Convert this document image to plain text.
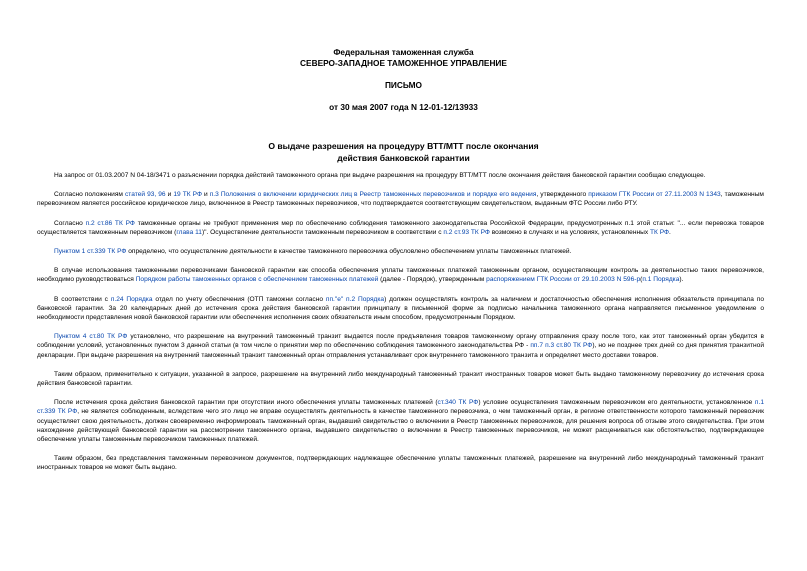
Федеральная таможенная служба
СЕВЕРО-ЗАПАДНОЕ ТАМОЖЕННОЕ УПРАВЛЕНИЕ
ПИСЬМО
от 30 мая 2007 года N 12-01-12/13933
О выдаче разрешения на процедуру ВТТ/МТТ после окончания
действия банковской гарантии

На запрос от 01.03.2007 N 04-18/3471 о разъяснении порядка действий таможенного органа при выдаче разрешения на процедуру ВТТ/МТТ после окончания действия банковской гарантии сообщаю следующее.

Согласно положениям статей 93, 96 и 19 ТК РФ и п.3 Положения о включении юридических лиц в Реестр таможенных перевозчиков и порядке его ведения, утвержденного приказом ГТК России от 27.11.2003 N 1343, таможенным перевозчиком является российское юридическое лицо, включенное в Реестр таможенных перевозчиков, что подтверждается соответствующим свидетельством, выданным ФТС России либо РТУ.

Согласно п.2 ст.86 ТК РФ таможенные органы не требуют применения мер по обеспечению соблюдения таможенного законодательства Российской Федерации, предусмотренных п.1 этой статьи: "... если перевозка товаров осуществляется таможенным перевозчиком (глава 11)". Осуществление деятельности таможенным перевозчиком в соответствии с п.2 ст.93 ТК РФ возможно в случаях и на условиях, установленных ТК РФ.

Пунктом 1 ст.339 ТК РФ определено, что осуществление деятельности в качестве таможенного перевозчика обусловлено обеспечением уплаты таможенных платежей.

В случае использования таможенными перевозчиками банковской гарантии как способа обеспечения уплаты таможенных платежей таможенным органом, осуществляющим контроль за деятельностью таких перевозчиков, необходимо руководствоваться Порядком работы таможенных органов с обеспечением таможенных платежей (далее - Порядок), утвержденным распоряжением ГТК России от 29.10.2003 N 596-р(п.1 Порядка).

В соответствии с п.24 Порядка отдел по учету обеспечения (ОТП таможни согласно пп."е" п.2 Порядка) должен осуществлять контроль за наличием и достаточностью обеспечения исполнения обязательств принципала по банковской гарантии. За 20 календарных дней до истечения срока действия банковской гарантии принципалу в письменной форме за подписью начальника таможенного органа направляется письменное уведомление о необходимости представления новой банковской гарантии или обеспечения исполнения своих обязательств иным способом, предусмотренным Порядком.

Пунктом 4 ст.80 ТК РФ установлено, что разрешение на внутренний таможенный транзит выдается после предъявления товаров таможенному органу отправления сразу после того, как этот таможенный орган убедится в соблюдении условий, установленных пунктом 3 данной статьи (в том числе о принятии мер по обеспечению соблюдения таможенного законодательства РФ - пп.7 п.3 ст.80 ТК РФ), но не позднее трех дней со дня принятия транзитной декларации. При выдаче разрешения на внутренний таможенный транзит таможенный орган отправления устанавливает срок внутреннего таможенного транзита и определяет место доставки товаров.

Таким образом, применительно к ситуации, указанной в запросе, разрешение на внутренний либо международный таможенный транзит иностранных товаров может быть выдано таможенному перевозчику до истечения срока действия банковской гарантии.

После истечения срока действия банковской гарантии при отсутствии иного обеспечения уплаты таможенных платежей (ст.340 ТК РФ) условие осуществления таможенным перевозчиком его деятельности, установленное п.1 ст.339 ТК РФ, не является соблюденным, вследствие чего это лицо не вправе осуществлять деятельность в качестве таможенного перевозчика, о чем таможенный орган, в регионе ответственности которого таможенный перевозчик осуществляет свою деятельность, должен своевременно информировать таможенный орган, выдавший свидетельство о включении в Реестр таможенных перевозчиков, для решения вопроса об отзыве этого свидетельства. При этом нахождение действующей банковской гарантии на рассмотрении таможенного органа, выдавшего свидетельство о включении в Реестр таможенных перевозчиков, не может расцениваться как обстоятельство, подтверждающее обеспечение уплаты таможенным перевозчиком таможенных платежей.

Таким образом, без представления таможенным перевозчиком документов, подтверждающих надлежащее обеспечение уплаты таможенных платежей, разрешение на внутренний либо международный таможенный транзит иностранных товаров не может быть выдано.
